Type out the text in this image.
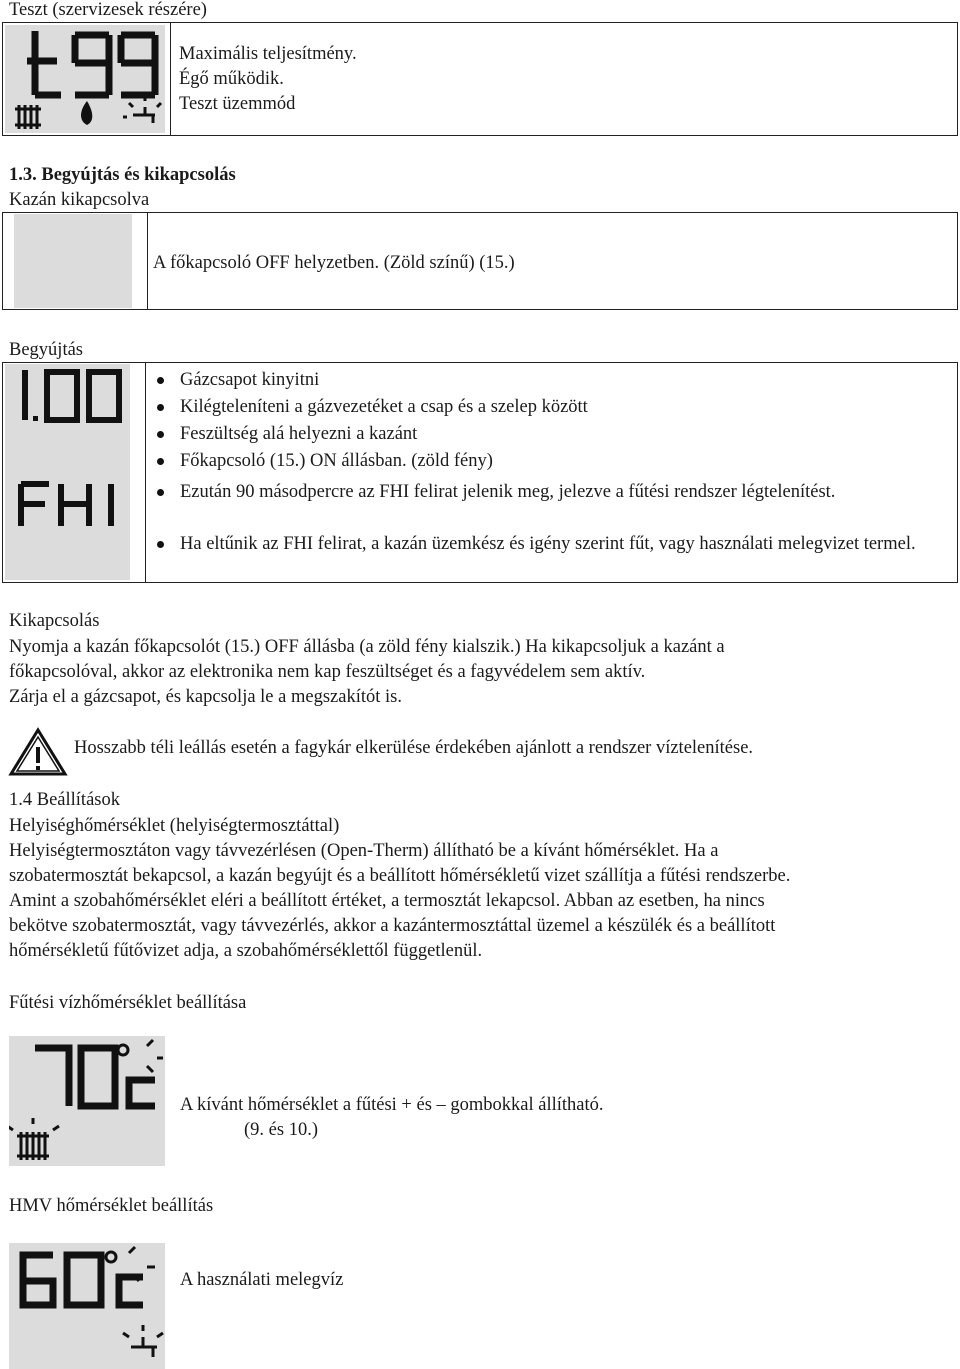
Teszt (szervizesek részére)
Maximális teljesítmény.
Égő működik.
Teszt üzemmód
1.3. Begyújtás és kikapcsolás
Kazán kikapcsolva
A főkapcsoló OFF helyzetben. (Zöld színű) (15.)
Begyújtás
Gázcsapot kinyitni
Kilégteleníteni a gázvezetéket a csap és a szelep között
Feszültség alá helyezni a kazánt
Főkapcsoló (15.) ON állásban. (zöld fény)
Ezután 90 másodpercre az FHI felirat jelenik meg, jelezve a fűtési rendszer légtelenítést.
Ha eltűnik az FHI felirat, a kazán üzemkész és igény szerint fűt, vagy használati melegvizet termel.
Kikapcsolás
Nyomja a kazán főkapcsolót (15.) OFF állásba (a zöld fény kialszik.) Ha kikapcsoljuk a kazánt a
főkapcsolóval, akkor az elektronika nem kap feszültséget és a fagyvédelem sem aktív.
Zárja el a gázcsapot, és kapcsolja le a megszakítót is.
Hosszabb téli leállás esetén a fagykár elkerülése érdekében ajánlott a rendszer víztelenítése.
1.4 Beállítások
Helyiséghőmérséklet (helyiségtermosztáttal)
Helyiségtermosztáton vagy távvezérlésen (Open-Therm) állítható be a kívánt hőmérséklet. Ha a
szobatermosztát bekapcsol, a kazán begyújt és a beállított hőmérsékletű vizet szállítja a fűtési rendszerbe.
Amint a szobahőmérséklet eléri a beállított értéket, a termosztát lekapcsol. Abban az esetben, ha nincs
bekötve szobatermosztát, vagy távvezérlés, akkor a kazántermosztáttal üzemel a készülék és a beállított
hőmérsékletű fűtővizet adja, a szobahőmérséklettől függetlenül.
Fűtési vízhőmérséklet beállítása
A kívánt hőmérséklet a fűtési + és – gombokkal állítható.
(9. és 10.)
HMV hőmérséklet beállítás
A használati melegvíz
